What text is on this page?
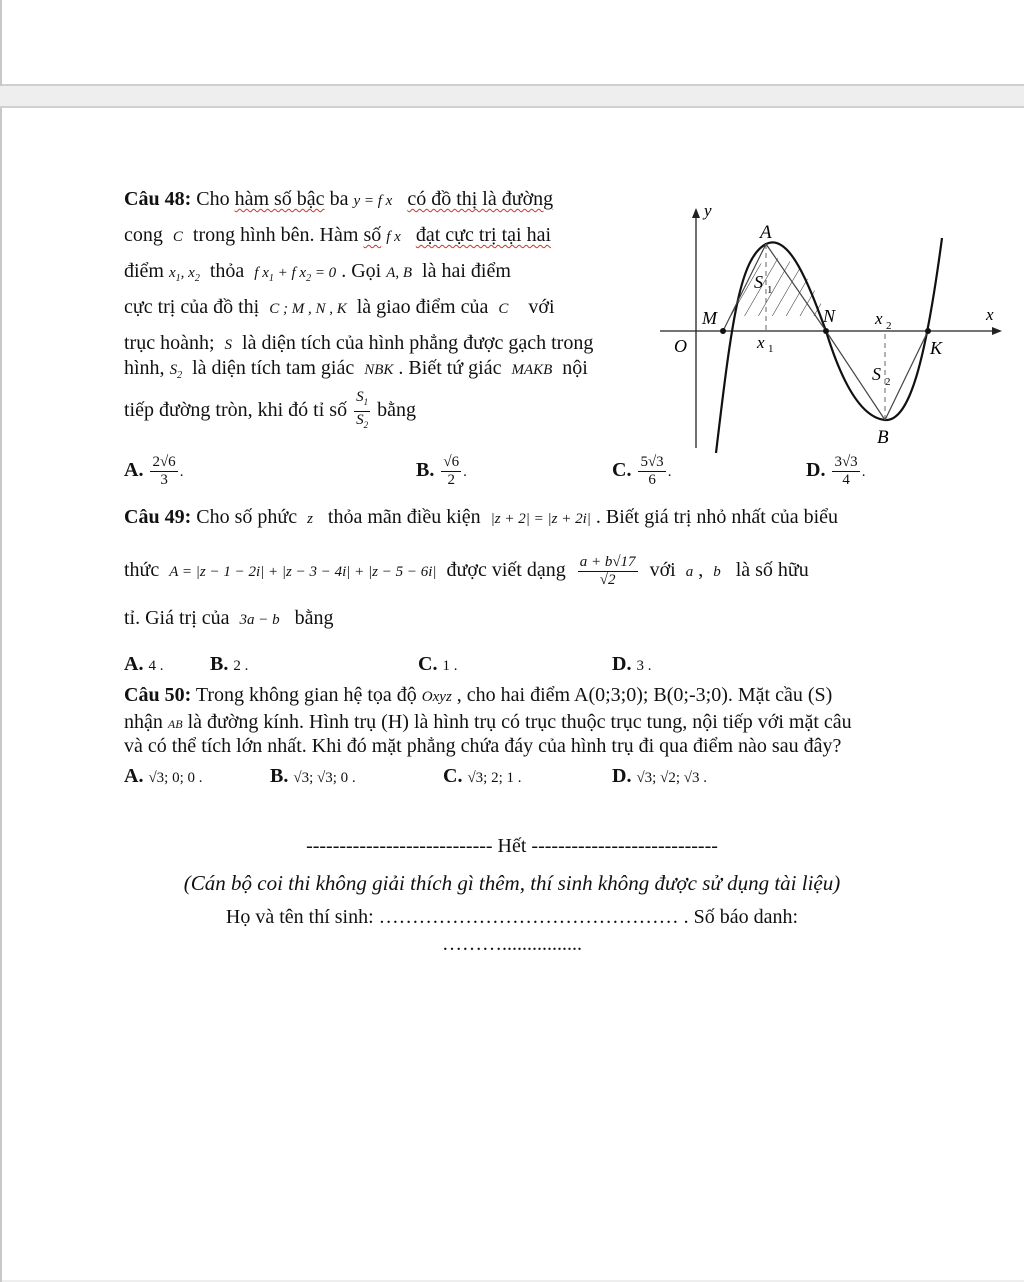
Câu 48: Cho hàm số bậc ba y = f x có đồ thị là đường
cong C trong hình bên. Hàm số f x đạt cực trị tại hai
điểm $x_1$, $x_2$ thỏa f $x_1 + f$ $x_2 = 0$ . Gọi A, B là hai điểm
cực trị của đồ thị C ; M , N , K là giao điểm của C với
trục hoành; S là diện tích của hình phẳng được gạch trong
hình, $S_2$ là diện tích tam giác NBK . Biết tứ giác MAKB nội
tiếp đường tròn, khi đó tỉ số $\frac{S_1}{S_2}$ bằng
A. $\frac{2√6}{3}$ .	B. $\frac{√6}{2}$ .	C. $\frac{5√3}{6}$ .	D. $\frac{3√3}{4}$ .
y
x
A
S 1
M	N x 2
O	x 1	K
S 2
B
Câu 49: Cho số phức z thỏa mãn điều kiện |z + 2| = |z + 2i| . Biết giá trị nhỏ nhất của biểu
thức A = |z − 1 − 2i| + |z − 3 − 4i| + |z − 5 − 6i| được viết dạng $\frac{a + b√17}{√2}$ với a , b là số hữu
tỉ. Giá trị của 3a − b bằng
A. 4 . B. 2 .	C. 1 .	D. 3 .
Câu 50: Trong không gian hệ tọa độ Oxyz , cho hai điểm A(0;3;0); B(0;-3;0). Mặt cầu (S)
nhận AB là đường kính. Hình trụ (H) là hình trụ có trục thuộc trục tung, nội tiếp với mặt câu
và có thể tích lớn nhất. Khi đó mặt phẳng chứa đáy của hình trụ đi qua điểm nào sau đây?
A. √3; 0; 0 .	B. √3; √3; 0 .	C. √3; 2; 1 .	D. √3; √2; √3 .
---------------------------- Hết ----------------------------
(Cán bộ coi thi không giải thích gì thêm, thí sinh không được sử dụng tài liệu)
Họ và tên thí sinh: ……………………………………… . Số báo danh:
………................
